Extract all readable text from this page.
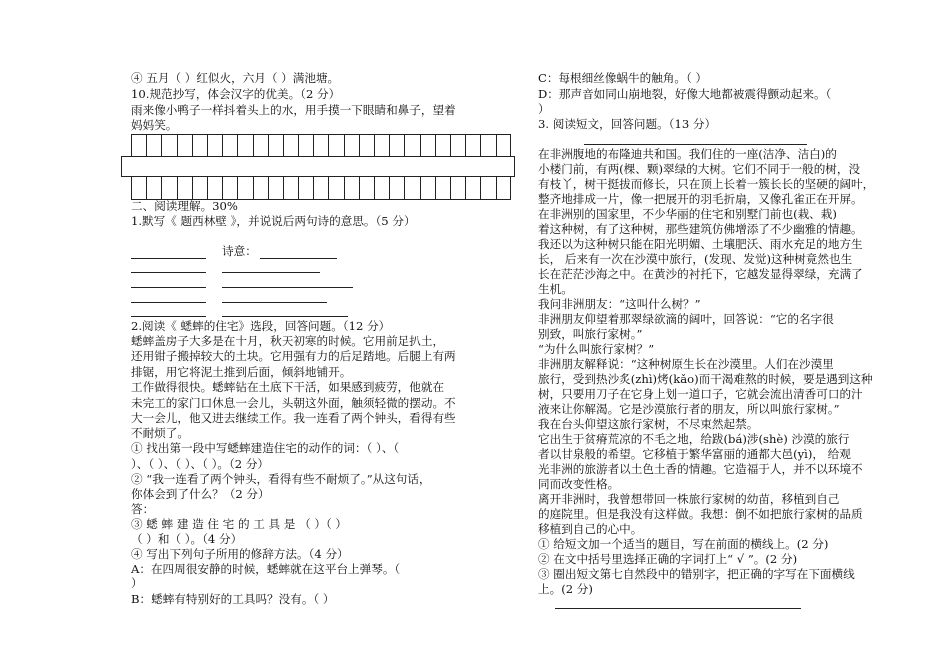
④ 五月（ ）红似火，六月（ ）满池塘。
10.规范抄写，体会汉字的优美。（2 分）
雨来像小鸭子一样抖着头上的水，用手摸一下眼睛和鼻子，望着
妈妈笑。
二、阅读理解。30%
1.默写《 题西林壁 》，并说说后两句诗的意思。（5 分）
诗意：
2.阅读《 蟋蟀的住宅》选段，回答问题。（12 分）
蟋蟀盖房子大多是在十月，秋天初寒的时候。它用前足扒土，
还用钳子搬掉较大的土块。它用强有力的后足踏地。后腿上有两
排锯，用它将泥土推到后面，倾斜地铺开。
工作做得很快。蟋蟀钻在土底下干活，如果感到疲劳，他就在
未完工的家门口休息一会儿，头朝这外面，触须轻微的摆动。不
大一会儿，他又进去继续工作。我一连看了两个钟头，看得有些
不耐烦了。
① 找出第一段中写蟋蟀建造住宅的动作的词：（ ）、（
）、（ ）、（ ）、（ ）。（2 分）
② “我一连看了两个钟头，看得有些不耐烦了。”从这句话，
你体会到了什么？（2 分）
答：
③ 蟋 蟀 建 造 住 宅 的 工 具 是 （ ）（ ）
（ ）和（ ）。（4 分）
④ 写出下列句子所用的修辞方法。（4 分）
A：在四周很安静的时候，蟋蟀就在这平台上弹琴。（
）
B：蟋蟀有特别好的工具吗？没有。（ ）
C：每根细丝像蜗牛的触角。（ ）
D：那声音如同山崩地裂，好像大地都被震得颤动起来。（
）
3. 阅读短文，回答问题。（13 分）
在非洲腹地的布隆迪共和国。我们住的一座(洁净、洁白)的
小楼门前，有两(棵、颗)翠绿的大树。它们不同于一般的树，没
有枝丫，树干挺拔而修长，只在顶上长着一簇长长的坚硬的阔叶，
整齐地排成一片，像一把展开的羽毛折扇，又像孔雀正在开屏。
在非洲别的国家里，不少华丽的住宅和别墅门前也(栽、栽)
着这种树，有了这种树，那些建筑仿佛增添了不少幽雅的情趣。
我还以为这种树只能在阳光明媚、土壤肥沃、雨水充足的地方生
长， 后来有一次在沙漠中旅行，(发现、发觉)这种树竟然也生
长在茫茫沙海之中。在黄沙的衬托下，它越发显得翠绿，充满了
生机。
我问非洲朋友：“这叫什么树？”
非洲朋友仰望着那翠绿欲滴的阔叶，回答说：“它的名字很
别致，叫旅行家树。”
“为什么叫旅行家树？”
非洲朋友解释说：“这种树原生长在沙漠里。人们在沙漠里
旅行，受到热沙炙(zhì)烤(kǎo)而干渴难熬的时候，要是遇到这种
树，只要用刀子在它身上划一道口子，它就会流出清香可口的汁
液来让你解渴。它是沙漠旅行者的朋友，所以叫旅行家树。”
我在台头仰望这旅行家树，不尽束然起禁。
它出生于贫瘠荒凉的不毛之地，给跋(bá)涉(shè) 沙漠的旅行
者以甘泉般的希望。它移植于繁华富丽的通都大邑(yì)， 给观
光非洲的旅游者以土色土香的情趣。它造福于人，并不以环境不
同而改变性格。
离开非洲时，我曾想带回一株旅行家树的幼苗，移植到自己
的庭院里。但是我没有这样做。我想：倒不如把旅行家树的品质
移植到自己的心中。
① 给短文加一个适当的题目，写在前面的横线上。(2 分)
② 在文中括号里选择正确的字词打上“ √ ”。(2 分)
③ 圈出短文第七自然段中的错别字，把正确的字写在下面横线
上。(2 分)
